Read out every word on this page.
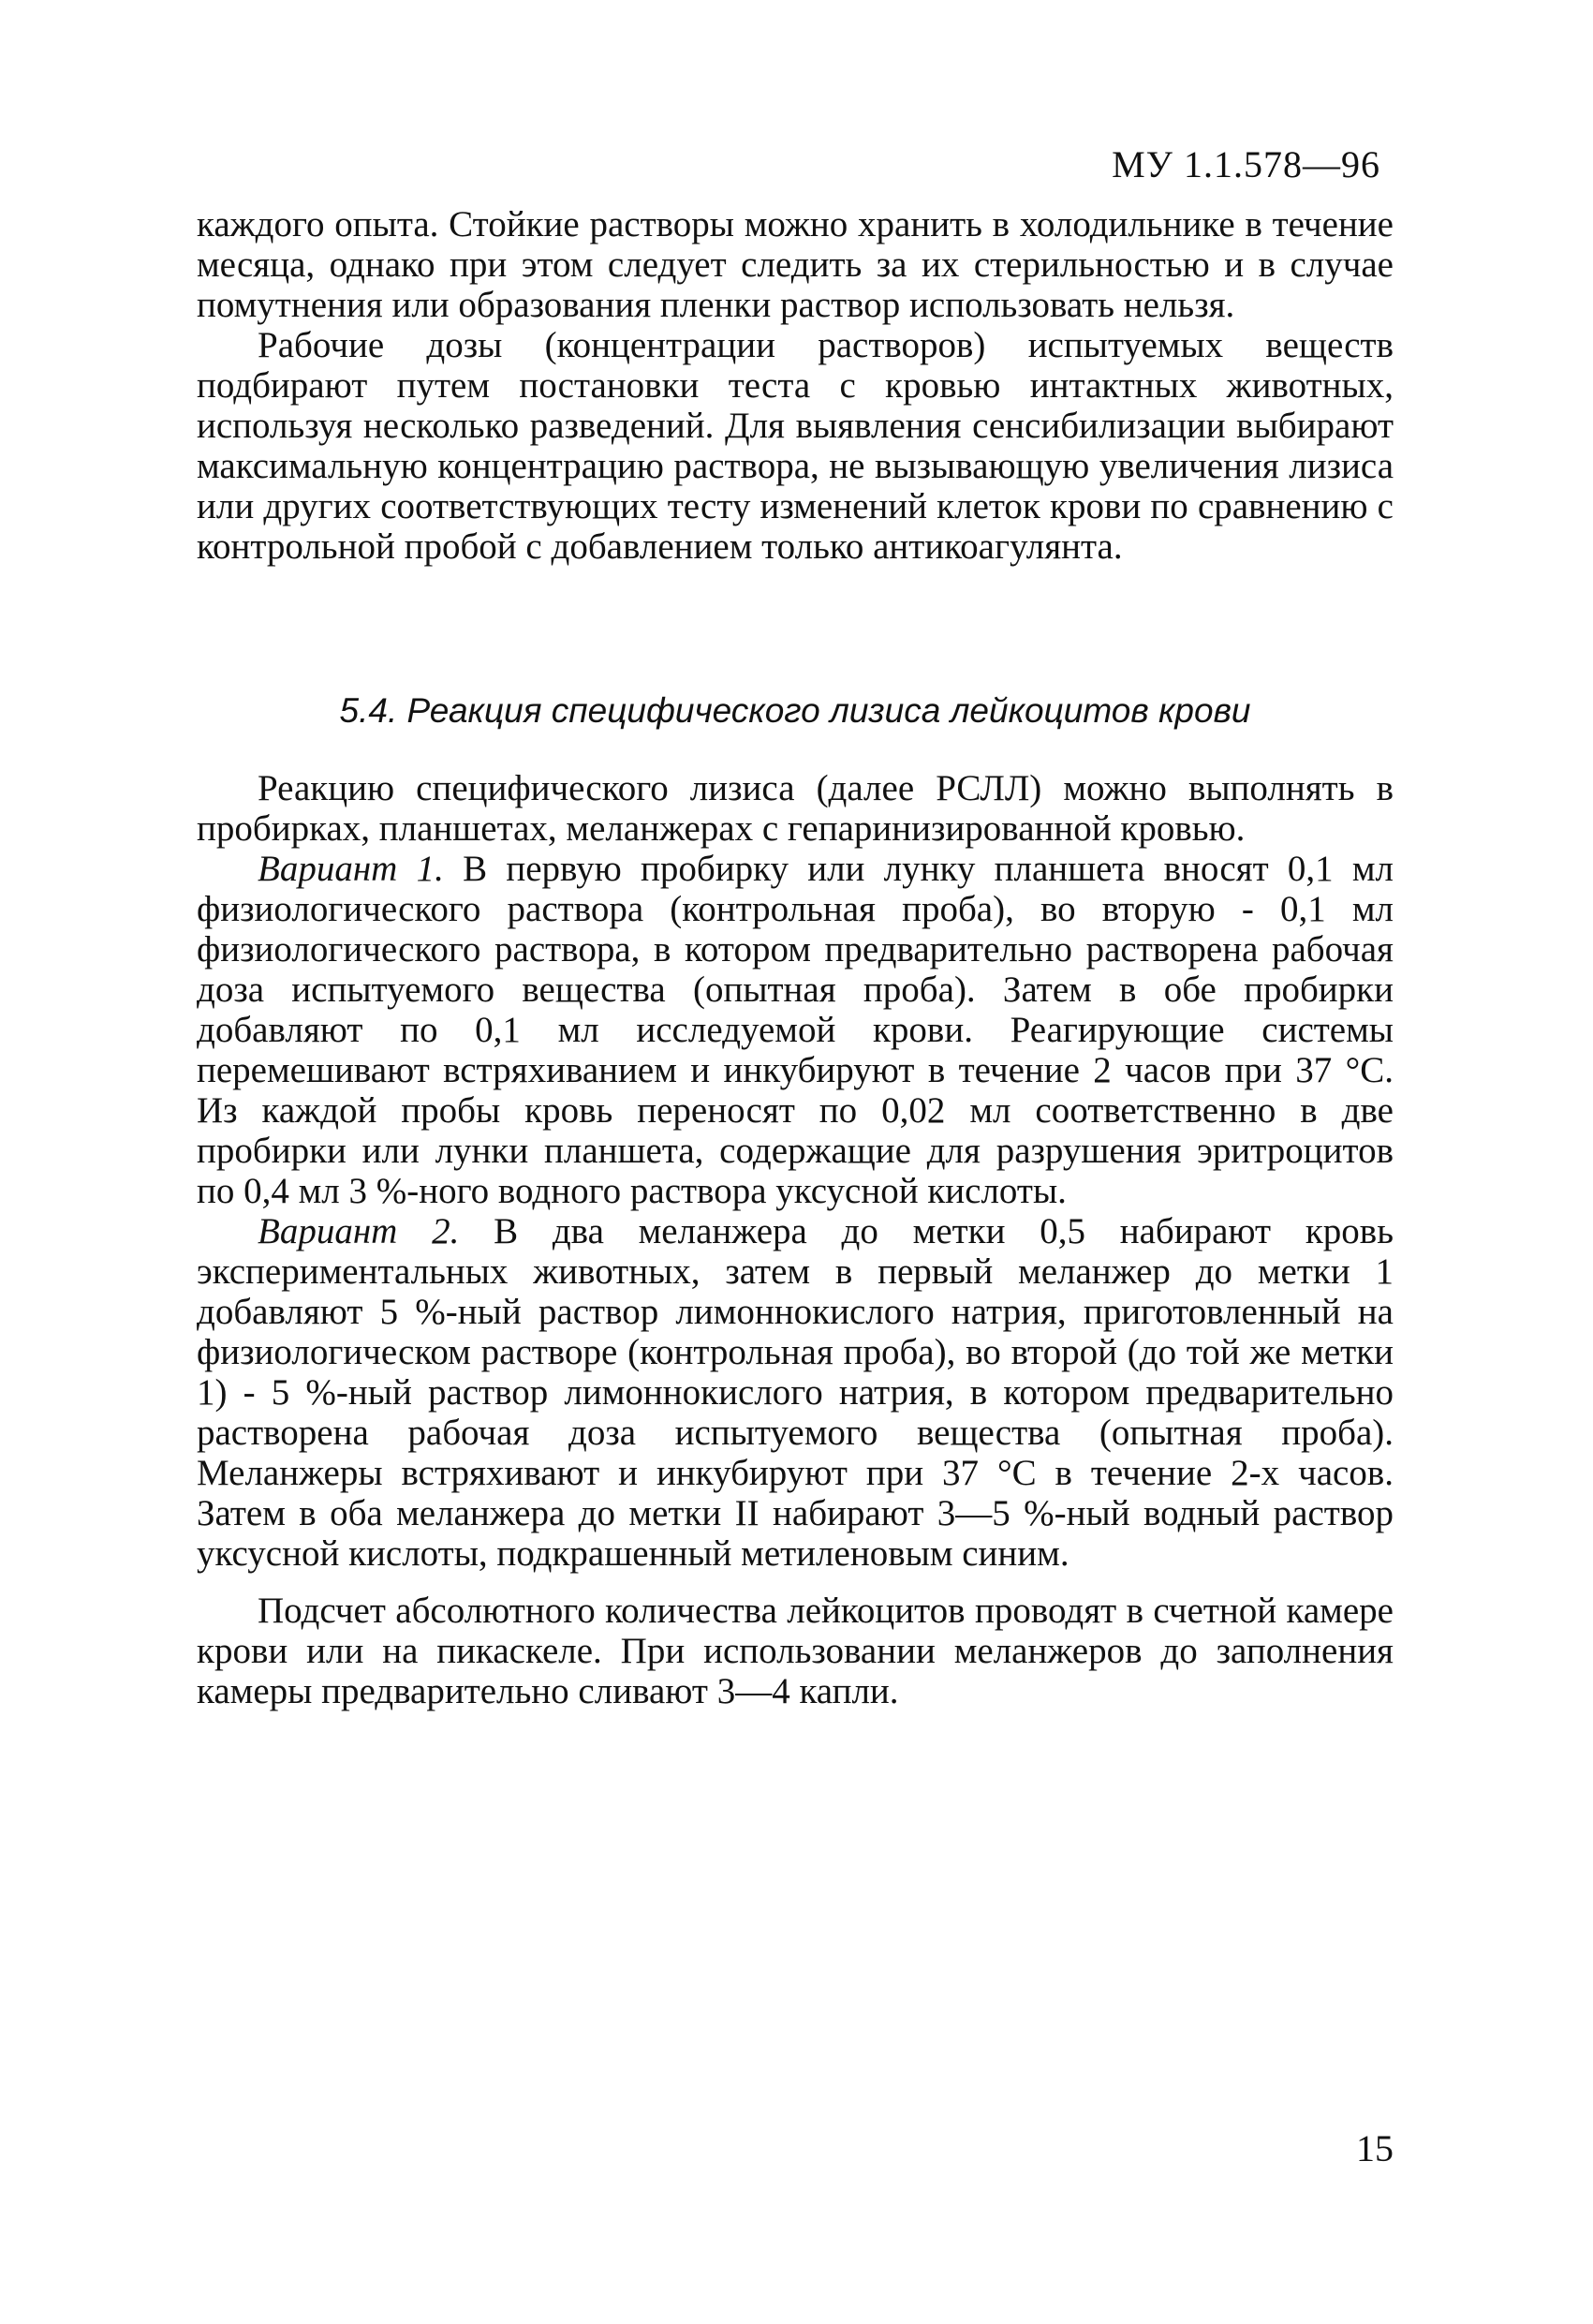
МУ 1.1.578—96

каждого опыта. Стойкие растворы можно хранить в холодильнике в течение месяца, однако при этом следует следить за их стерильностью и в случае помутнения или образования пленки раствор использовать нельзя.

Рабочие дозы (концентрации растворов) испытуемых веществ подбирают путем постановки теста с кровью интактных животных, используя несколько разведений. Для выявления сенсибилизации выбирают максимальную концентрацию раствора, не вызывающую увеличения лизиса или других соответствующих тесту изменений клеток крови по сравнению с контрольной пробой с добавлением только антикоагулянта.

5.4. Реакция специфического лизиса лейкоцитов крови

Реакцию специфического лизиса (далее РСЛЛ) можно выполнять в пробирках, планшетах, меланжерах с гепаринизированной кровью.

Вариант 1. В первую пробирку или лунку планшета вносят 0,1 мл физиологического раствора (контрольная проба), во вторую - 0,1 мл физиологического раствора, в котором предварительно растворена рабочая доза испытуемого вещества (опытная проба). Затем в обе пробирки добавляют по 0,1 мл исследуемой крови. Реагирующие системы перемешивают встряхиванием и инкубируют в течение 2 часов при 37 °С. Из каждой пробы кровь переносят по 0,02 мл соответственно в две пробирки или лунки планшета, содержащие для разрушения эритроцитов по 0,4 мл 3 %-ного водного раствора уксусной кислоты.

Вариант 2. В два меланжера до метки 0,5 набирают кровь экспериментальных животных, затем в первый меланжер до метки 1 добавляют 5 %-ный раствор лимоннокислого натрия, приготовленный на физиологическом растворе (контрольная проба), во второй (до той же метки 1) - 5 %-ный раствор лимоннокислого натрия, в котором предварительно растворена рабочая доза испытуемого вещества (опытная проба). Меланжеры встряхивают и инкубируют при 37 °С в течение 2-х часов. Затем в оба меланжера до метки II набирают 3—5 %-ный водный раствор уксусной кислоты, подкрашенный метиленовым синим.

Подсчет абсолютного количества лейкоцитов проводят в счетной камере крови или на пикаскеле. При использовании меланжеров до заполнения камеры предварительно сливают 3—4 капли.

15
